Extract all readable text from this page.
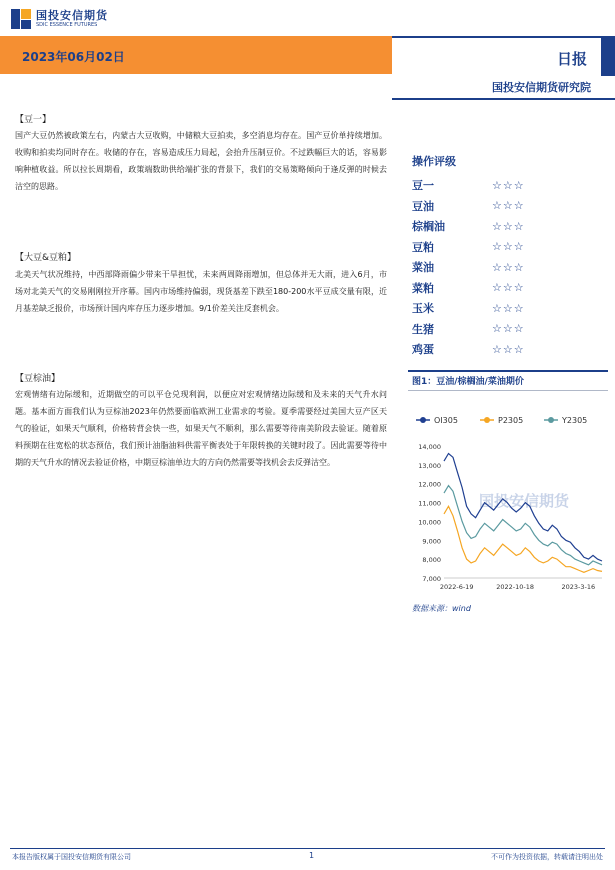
国投安信期货
SDIC ESSENCE FUTURES
2023年06月02日	日报
国投安信期货研究院
【豆一】
国产大豆仍然被政策左右，内蒙古大豆收购，中储粮大豆拍卖，多空消息均存在。国产豆价单持续增加。收购和拍卖均同时存在。收储的存在，容易造成压力局起，会抬升压制豆价。不过跌幅巨大的话，容易影响种植收益。所以拉长周期看，政策端数助供给端扩张的背景下，我们的交易策略倾向于逢反弹的时候去沽空的思路。
【大豆&豆粕】
北美天气状况维持，中西部降雨偏少带来干旱担忧，未来两周降雨增加，但总体并无大雨，进入6月，市场对北美天气的交易刚刚拉开序幕。国内市场维持偏弱，现货基差下跌至180-200水平豆成交量有限，近月基差缺乏报价，市场预计国内库存压力逐步增加。9/1价差关注反套机会。
【豆棕油】
宏观情绪有边际缓和，近期做空的可以平仓兑现利润，以便应对宏观情绪边际缓和及未来的天气升水问题。基本面方面我们认为豆棕油2023年仍然要面临欧洲工业需求的考验。夏季需要经过美国大豆产区天气的验证，如果天气顺利，价格转背会快一些，如果天气不顺利，那么需要等待南美阶段去验证。随着原料预期在往宽松的状态预估，我们预计油脂油料供需平衡表处于年限转换的关键时段了。因此需要等待中期的天气升水的情况去验证价格，中期豆棕油单边大的方向仍然需要等找机会去反弹沽空。
操作评级
豆一	☆☆☆
豆油	☆☆☆
棕榈油	☆☆☆
豆粕	☆☆☆
菜油	☆☆☆
菜粕	☆☆☆
玉米	☆☆☆
生猪	☆☆☆
鸡蛋	☆☆☆
图1：豆油/棕榈油/菜油期价
国投安信期货
OI305	P2305	Y2305
7,000
8,000
9,000
10,000
11,000
12,000
13,000
14,000
2022-6-19	2022-10-18	2023-3-16
数据来源：wind
本报告版权属于国投安信期货有限公司	1	不可作为投资依据，转载请注明出处
